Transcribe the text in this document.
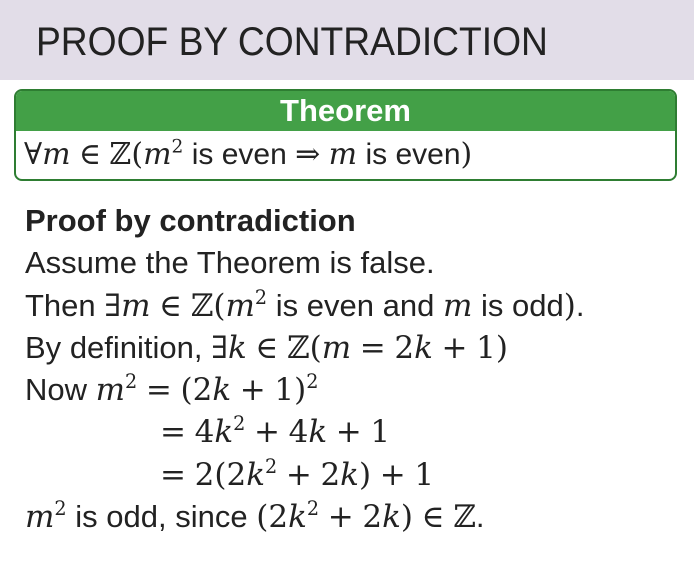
PROOF BY CONTRADICTION
Theorem
∀m ∈ $ℤ(m^2$ is even ⇒ m is even)
Proof by contradiction
Assume the Theorem is false.
Then ∃m ∈ $ℤ(m^2$ is even and m is odd).
By definition, ∃k ∈ ℤ(m = 2k + 1)
Now $m^2 = (2k + 1)^2$
= $4k^2 + 4k + 1$
= $2(2k^2 + 2k) + 1$
$m^2$ is odd, since $(2k^2 + 2k)$ ∈ ℤ.
